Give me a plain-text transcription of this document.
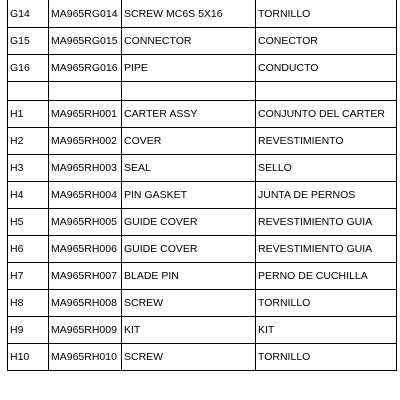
G14	MA965RG014	SCREW MC6S 5X16	TORNILLO
G15	MA965RG015	CONNECTOR	CONECTOR
G16	MA965RG016	PIPE	CONDUCTO

H1	MA965RH001	CARTER ASSY	CONJUNTO DEL CARTER
H2	MA965RH002	COVER	REVESTIMIENTO
H3	MA965RH003	SEAL	SELLO
H4	MA965RH004	PIN GASKET	JUNTA DE PERNOS
H5	MA965RH005	GUIDE COVER	REVESTIMIENTO GUIA
H6	MA965RH006	GUIDE COVER	REVESTIMIENTO GUIA
H7	MA965RH007	BLADE PIN	PERNO DE CUCHILLA
H8	MA965RH008	SCREW	TORNILLO
H9	MA965RH009	KIT	KIT
H10	MA965RH010	SCREW	TORNILLO
